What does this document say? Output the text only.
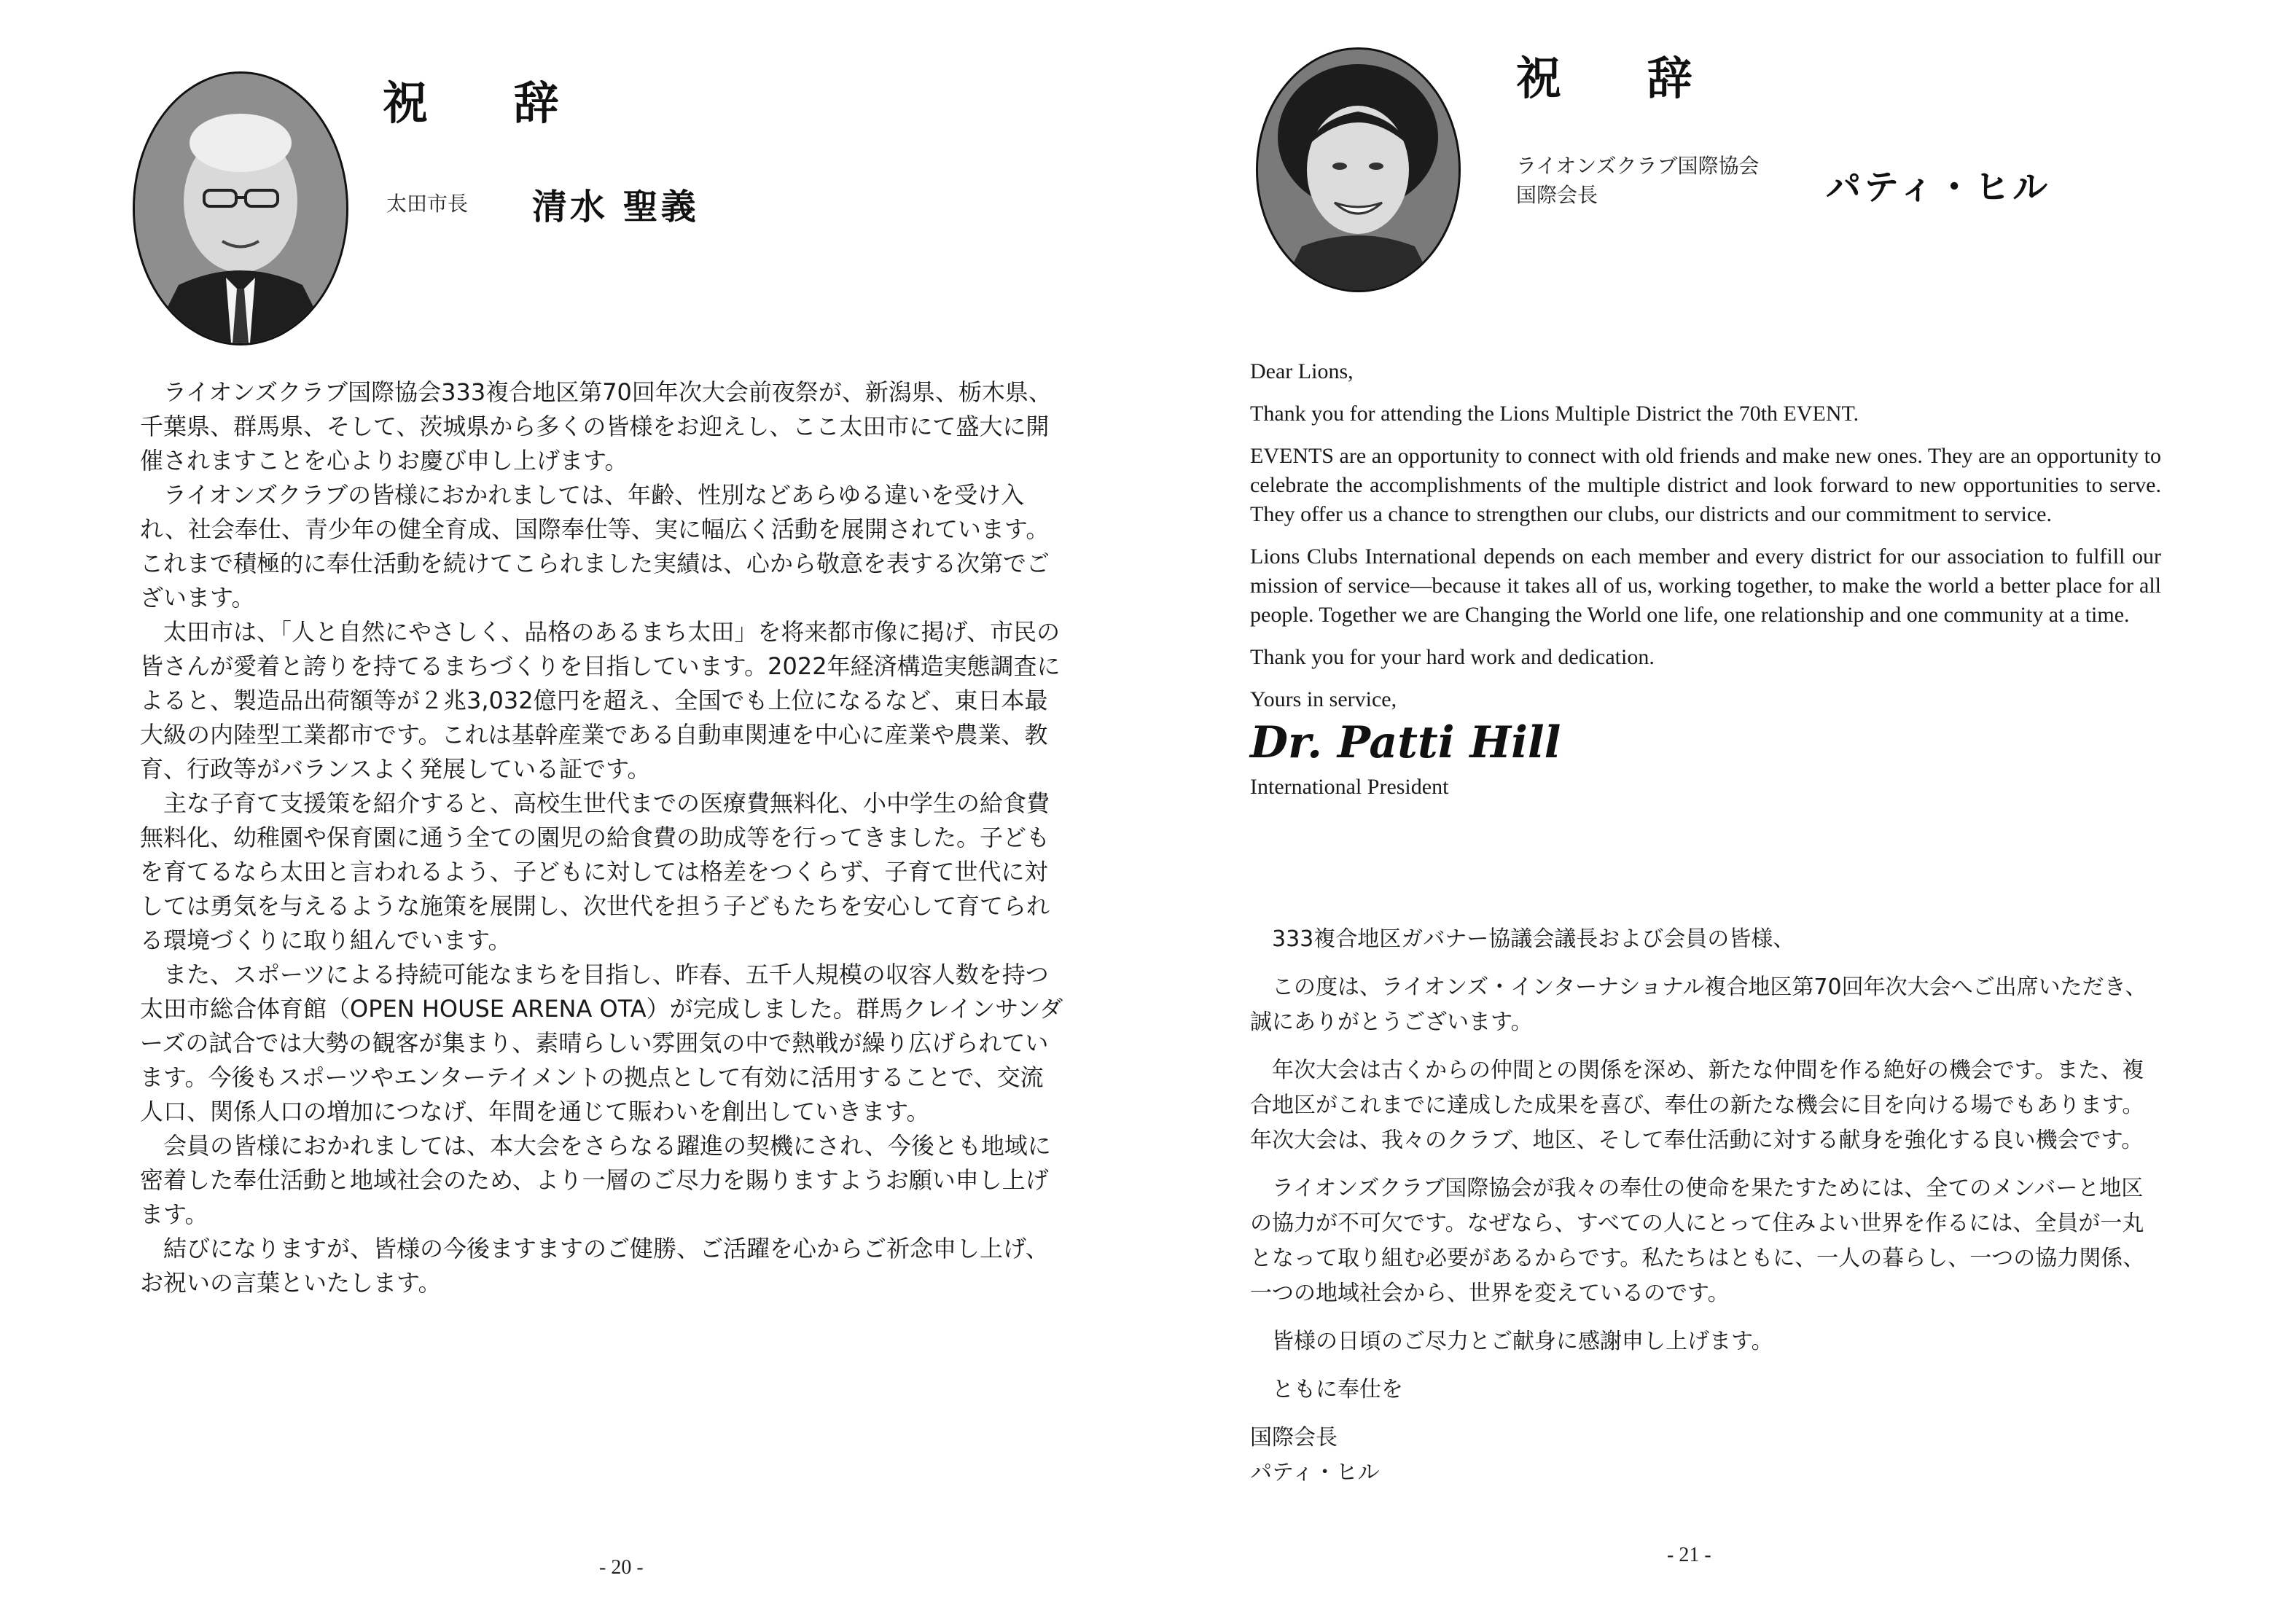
祝 辞
太田市長 清水 聖義

ライオンズクラブ国際協会333複合地区第70回年次大会前夜祭が、新潟県、栃木県、千葉県、群馬県、そして、茨城県から多くの皆様をお迎えし、ここ太田市にて盛大に開催されますことを心よりお慶び申し上げます。

ライオンズクラブの皆様におかれましては、年齢、性別などあらゆる違いを受け入れ、社会奉仕、青少年の健全育成、国際奉仕等、実に幅広く活動を展開されています。これまで積極的に奉仕活動を続けてこられました実績は、心から敬意を表する次第でございます。

太田市は、「人と自然にやさしく、品格のあるまち太田」を将来都市像に掲げ、市民の皆さんが愛着と誇りを持てるまちづくりを目指しています。2022年経済構造実態調査によると、製造品出荷額等が２兆3,032億円を超え、全国でも上位になるなど、東日本最大級の内陸型工業都市です。これは基幹産業である自動車関連を中心に産業や農業、教育、行政等がバランスよく発展している証です。

主な子育て支援策を紹介すると、高校生世代までの医療費無料化、小中学生の給食費無料化、幼稚園や保育園に通う全ての園児の給食費の助成等を行ってきました。子どもを育てるなら太田と言われるよう、子どもに対しては格差をつくらず、子育て世代に対しては勇気を与えるような施策を展開し、次世代を担う子どもたちを安心して育てられる環境づくりに取り組んでいます。

また、スポーツによる持続可能なまちを目指し、昨春、五千人規模の収容人数を持つ太田市総合体育館（OPEN HOUSE ARENA OTA）が完成しました。群馬クレインサンダーズの試合では大勢の観客が集まり、素晴らしい雰囲気の中で熱戦が繰り広げられています。今後もスポーツやエンターテイメントの拠点として有効に活用することで、交流人口、関係人口の増加につなげ、年間を通じて賑わいを創出していきます。

会員の皆様におかれましては、本大会をさらなる躍進の契機にされ、今後とも地域に密着した奉仕活動と地域社会のため、より一層のご尽力を賜りますようお願い申し上げます。

結びになりますが、皆様の今後ますますのご健勝、ご活躍を心からご祈念申し上げ、お祝いの言葉といたします。

- 20 -
祝 辞
ライオンズクラブ国際協会
国際会長	パティ・ヒル

Dear Lions,

Thank you for attending the Lions Multiple District the 70th EVENT.

EVENTS are an opportunity to connect with old friends and make new ones. They are an opportunity to celebrate the accomplishments of the multiple district and look forward to new opportunities to serve. They offer us a chance to strengthen our clubs, our districts and our commitment to service.

Lions Clubs International depends on each member and every district for our association to fulfill our mission of service—because it takes all of us, working together, to make the world a better place for all people. Together we are Changing the World one life, one relationship and one community at a time.

Thank you for your hard work and dedication.

Yours in service,

Dr. Patti Hill

International President

333複合地区ガバナー協議会議長および会員の皆様、

この度は、ライオンズ・インターナショナル複合地区第70回年次大会へご出席いただき、誠にありがとうございます。

年次大会は古くからの仲間との関係を深め、新たな仲間を作る絶好の機会です。また、複合地区がこれまでに達成した成果を喜び、奉仕の新たな機会に目を向ける場でもあります。年次大会は、我々のクラブ、地区、そして奉仕活動に対する献身を強化する良い機会です。

ライオンズクラブ国際協会が我々の奉仕の使命を果たすためには、全てのメンバーと地区の協力が不可欠です。なぜなら、すべての人にとって住みよい世界を作るには、全員が一丸となって取り組む必要があるからです。私たちはともに、一人の暮らし、一つの協力関係、一つの地域社会から、世界を変えているのです。

皆様の日頃のご尽力とご献身に感謝申し上げます。

ともに奉仕を

国際会長

パティ・ヒル

- 21 -
